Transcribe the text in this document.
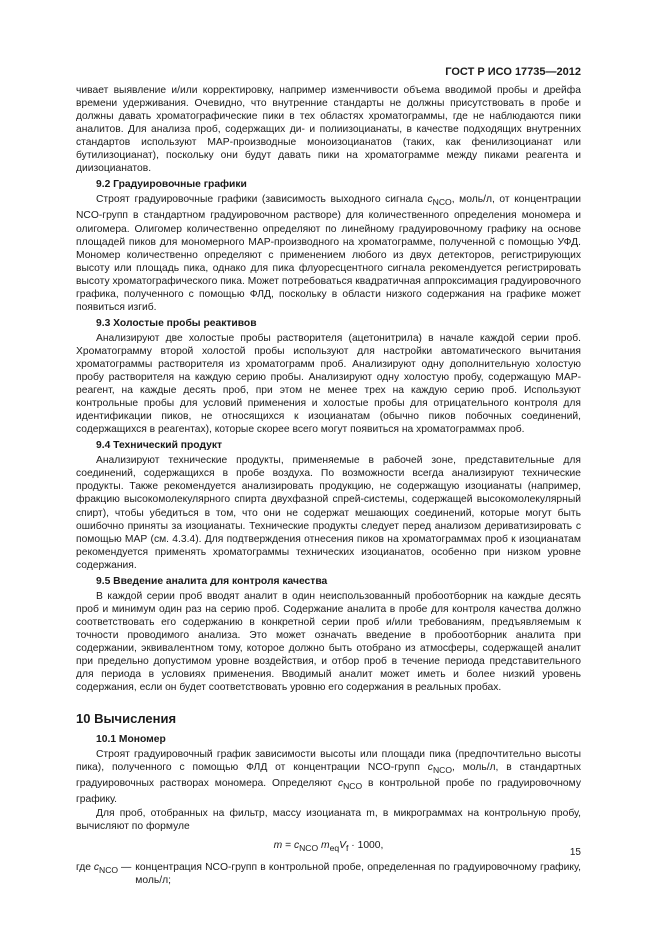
ГОСТ Р ИСО 17735—2012

чивает выявление и/или корректировку, например изменчивости объема вводимой пробы и дрейфа времени удерживания. Очевидно, что внутренние стандарты не должны присутствовать в пробе и должны давать хроматографические пики в тех областях хроматограммы, где не наблюдаются пики аналитов. Для анализа проб, содержащих ди- и полиизоцианаты, в качестве подходящих внутренних стандартов используют МАР-производные моноизоцианатов (таких, как фенилизоцианат или бутилизоцианат), поскольку они будут давать пики на хроматограмме между пиками реагента и диизоцианатов.

9.2 Градуировочные графики

Строят градуировочные графики (зависимость выходного сигнала $c_{NCO}$, моль/л, от концентрации NCO-групп в стандартном градуировочном растворе) для количественного определения мономера и олигомера. Олигомер количественно определяют по линейному градуировочному графику на основе площадей пиков для мономерного МАР-производного на хроматограмме, полученной с помощью УФД. Мономер количественно определяют с применением любого из двух детекторов, регистрирующих высоту или площадь пика, однако для пика флуоресцентного сигнала рекомендуется регистрировать высоту хроматографического пика. Может потребоваться квадратичная аппроксимация градуировочного графика, полученного с помощью ФЛД, поскольку в области низкого содержания на графике может появиться изгиб.

9.3 Холостые пробы реактивов

Анализируют две холостые пробы растворителя (ацетонитрила) в начале каждой серии проб. Хроматограмму второй холостой пробы используют для настройки автоматического вычитания хроматограммы растворителя из хроматограмм проб. Анализируют одну дополнительную холостую пробу растворителя на каждую серию пробы. Анализируют одну холостую пробу, содержащую МАР-реагент, на каждые десять проб, при этом не менее трех на каждую серию проб. Используют контрольные пробы для условий применения и холостые пробы для отрицательного контроля для идентификации пиков, не относящихся к изоцианатам (обычно пиков побочных соединений, содержащихся в реагентах), которые скорее всего могут появиться на хроматограммах проб.

9.4 Технический продукт

Анализируют технические продукты, применяемые в рабочей зоне, представительные для соединений, содержащихся в пробе воздуха. По возможности всегда анализируют технические продукты. Также рекомендуется анализировать продукцию, не содержащую изоцианаты (например, фракцию высокомолекулярного спирта двухфазной спрей-системы, содержащей высокомолекулярный спирт), чтобы убедиться в том, что они не содержат мешающих соединений, которые могут быть ошибочно приняты за изоцианаты. Технические продукты следует перед анализом дериватизировать с помощью МАР (см. 4.3.4). Для подтверждения отнесения пиков на хроматограммах проб к изоцианатам рекомендуется применять хроматограммы технических изоцианатов, особенно при низком уровне содержания.

9.5 Введение аналита для контроля качества

В каждой серии проб вводят аналит в один неиспользованный пробоотборник на каждые десять проб и минимум один раз на серию проб. Содержание аналита в пробе для контроля качества должно соответствовать его содержанию в конкретной серии проб и/или требованиям, предъявляемым к точности проводимого анализа. Это может означать введение в пробоотборник аналита при содержании, эквивалентном тому, которое должно быть отобрано из атмосферы, содержащей аналит при предельно допустимом уровне воздействия, и отбор проб в течение периода представительного для периода в условиях применения. Вводимый аналит может иметь и более низкий уровень содержания, если он будет соответствовать уровню его содержания в реальных пробах.

10 Вычисления
10.1 Мономер

Строят градуировочный график зависимости высоты или площади пика (предпочтительно высоты пика), полученного с помощью ФЛД от концентрации NCO-групп $c_{NCO}$, моль/л, в стандартных градуировочных растворах мономера. Определяют $c_{NCO}$ в контрольной пробе по градуировочному графику.

Для проб, отобранных на фильтр, массу изоцианата m, в микрограммах на контрольную пробу, вычисляют по формуле

$m = c_{NCO}$ $m_{eq}V_f \cdot 1000$,
где $c_{NCO}$ — концентрация NCO-групп в контрольной пробе, определенная по градуировочному графику, моль/л;
15
